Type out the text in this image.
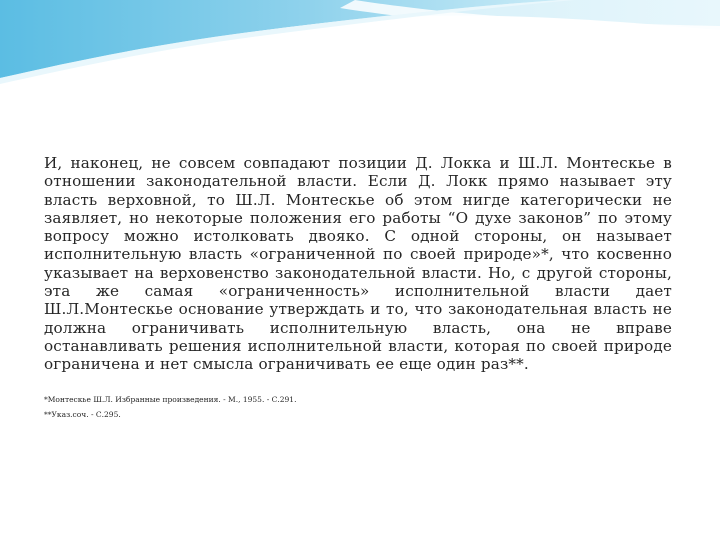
И, наконец, не совсем совпадают позиции Д. Локка и Ш.Л. Монтескье в отношении законодательной власти. Если Д. Локк прямо называет эту власть верховной, то Ш.Л. Монтескье об этом нигде категорически не заявляет, но некоторые положения его работы “О духе законов” по этому вопросу можно истолковать двояко. С одной стороны, он называет исполнительную власть «ограниченной по своей природе»*, что косвенно указывает на верховенство законодательной власти. Но, с другой стороны, эта же самая «ограниченность» исполнительной власти дает Ш.Л.Монтескье основание утверждать и то, что законодательная власть не должна ограничивать исполнительную власть, она не вправе останавливать решения исполнительной власти, которая по своей природе ограничена и нет смысла ограничивать ее еще один раз**.

*Монтескье Ш.Л. Избранные произведения. - М., 1955. - С.291.

**Указ.соч. - С.295.
